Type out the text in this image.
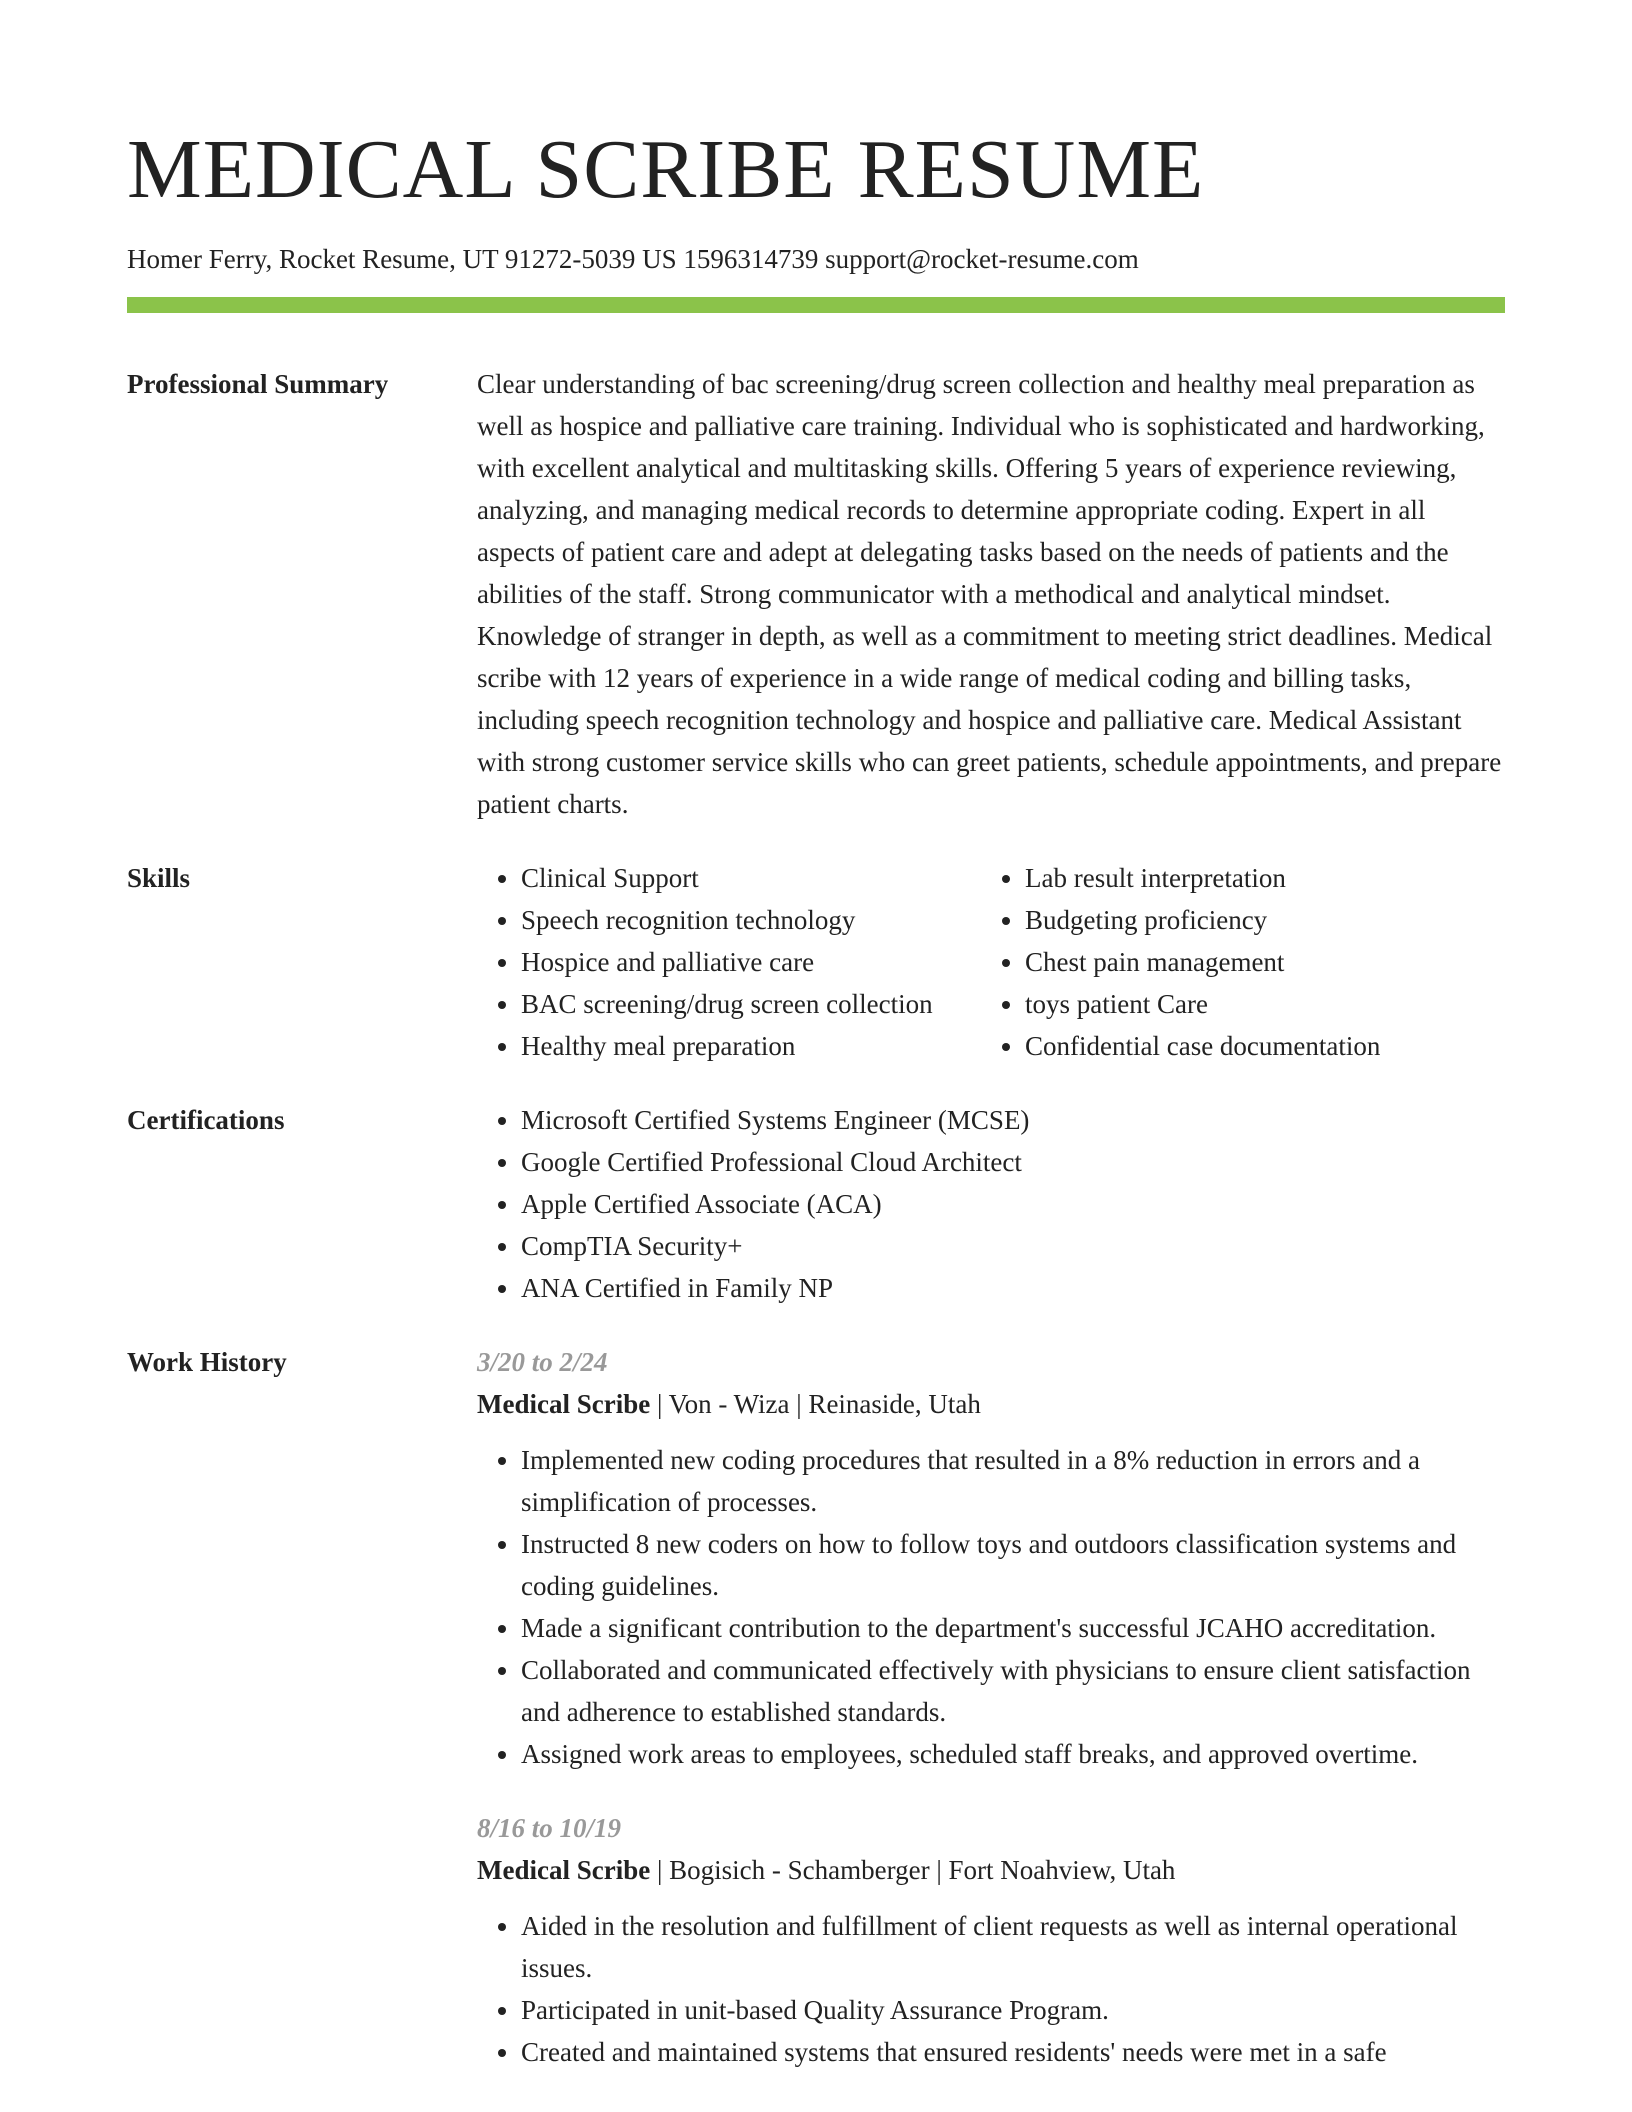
MEDICAL SCRIBE RESUME
Homer Ferry, Rocket Resume, UT 91272-5039 US 1596314739 support@rocket-resume.com
Professional Summary	Clear understanding of bac screening/drug screen collection and healthy meal preparation as well as hospice and palliative care training. Individual who is sophisticated and hardworking, with excellent analytical and multitasking skills. Offering 5 years of experience reviewing, analyzing, and managing medical records to determine appropriate coding. Expert in all aspects of patient care and adept at delegating tasks based on the needs of patients and the abilities of the staff. Strong communicator with a methodical and analytical mindset. Knowledge of stranger in depth, as well as a commitment to meeting strict deadlines. Medical scribe with 12 years of experience in a wide range of medical coding and billing tasks, including speech recognition technology and hospice and palliative care. Medical Assistant with strong customer service skills who can greet patients, schedule appointments, and prepare patient charts.
Skills	• Clinical Support
• Speech recognition technology
• Hospice and palliative care
• BAC screening/drug screen collection
• Healthy meal preparation
• Lab result interpretation
• Budgeting proficiency
• Chest pain management
• toys patient Care
• Confidential case documentation
Certifications	• Microsoft Certified Systems Engineer (MCSE)
• Google Certified Professional Cloud Architect
• Apple Certified Associate (ACA)
• CompTIA Security+
• ANA Certified in Family NP
Work History	3/20 to 2/24
Medical Scribe | Von - Wiza | Reinaside, Utah
• Implemented new coding procedures that resulted in a 8% reduction in errors and a simplification of processes.
• Instructed 8 new coders on how to follow toys and outdoors classification systems and coding guidelines.
• Made a significant contribution to the department's successful JCAHO accreditation.
• Collaborated and communicated effectively with physicians to ensure client satisfaction and adherence to established standards.
• Assigned work areas to employees, scheduled staff breaks, and approved overtime.
8/16 to 10/19
Medical Scribe | Bogisich - Schamberger | Fort Noahview, Utah
• Aided in the resolution and fulfillment of client requests as well as internal operational issues.
• Participated in unit-based Quality Assurance Program.
• Created and maintained systems that ensured residents' needs were met in a safe
